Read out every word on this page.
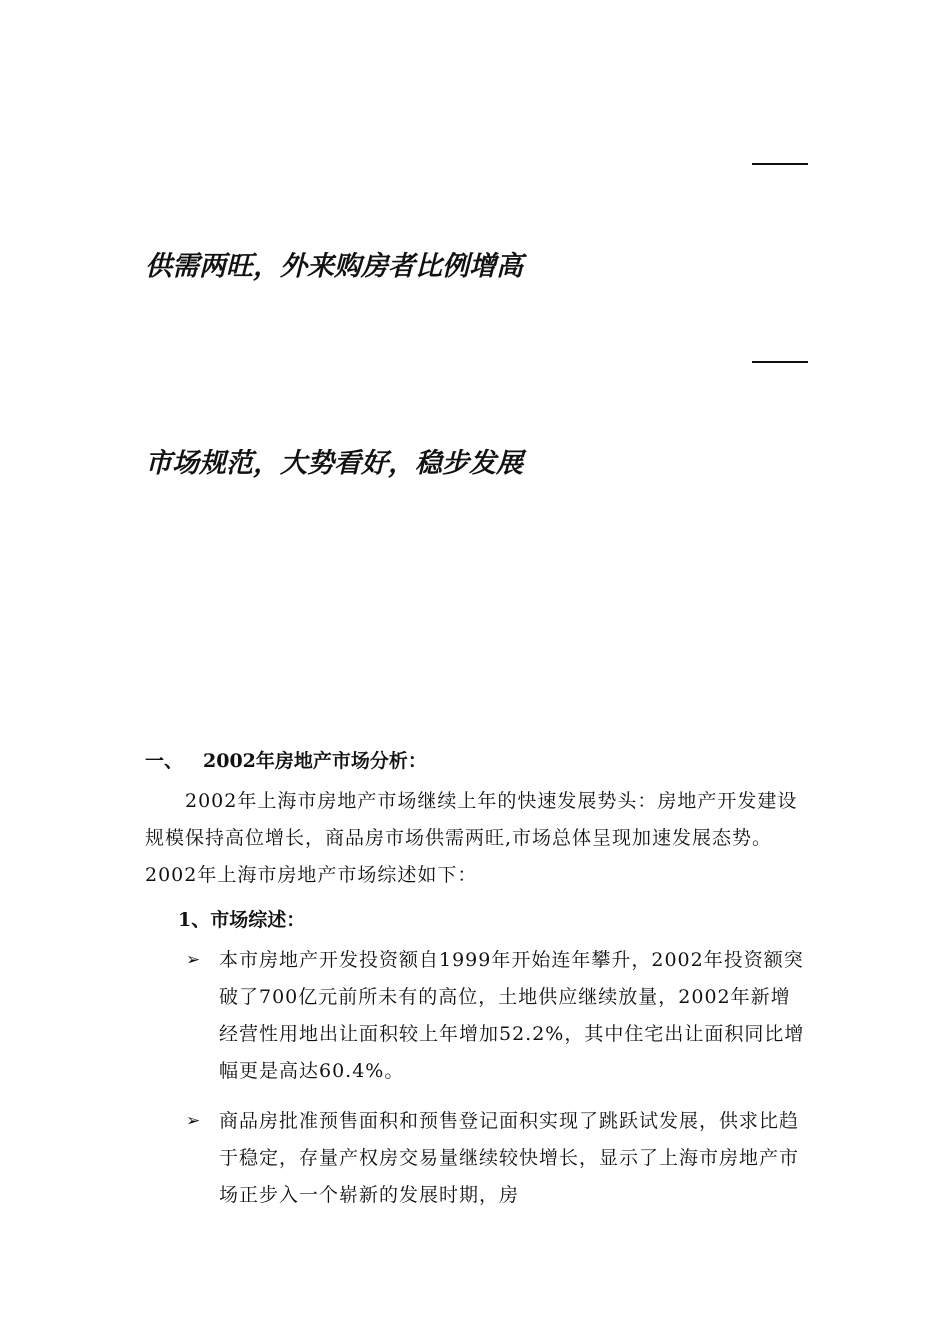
供需两旺，外来购房者比例增高
市场规范，大势看好，稳步发展
一、 2002年房地产市场分析：

2002年上海市房地产市场继续上年的快速发展势头：房地产开发建设规模保持高位增长，商品房市场供需两旺,市场总体呈现加速发展态势。2002年上海市房地产市场综述如下：

1、市场综述：
➢ 本市房地产开发投资额自1999年开始连年攀升，2002年投资额突破了700亿元前所未有的高位，土地供应继续放量，2002年新增经营性用地出让面积较上年增加52.2%，其中住宅出让面积同比增幅更是高达60.4%。
➢ 商品房批准预售面积和预售登记面积实现了跳跃试发展，供求比趋于稳定，存量产权房交易量继续较快增长，显示了上海市房地产市场正步入一个崭新的发展时期，房
